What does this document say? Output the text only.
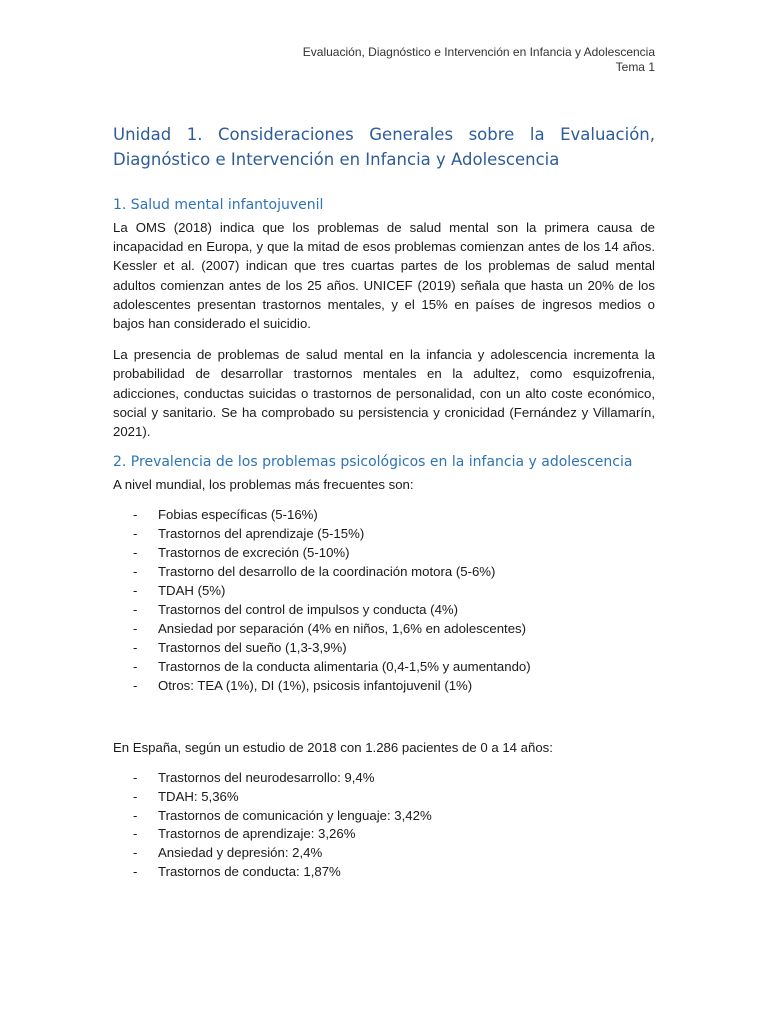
Evaluación, Diagnóstico e Intervención en Infancia y Adolescencia
Tema 1
Unidad 1. Consideraciones Generales sobre la Evaluación, Diagnóstico e Intervención en Infancia y Adolescencia
1. Salud mental infantojuvenil

La OMS (2018) indica que los problemas de salud mental son la primera causa de incapacidad en Europa, y que la mitad de esos problemas comienzan antes de los 14 años. Kessler et al. (2007) indican que tres cuartas partes de los problemas de salud mental adultos comienzan antes de los 25 años. UNICEF (2019) señala que hasta un 20% de los adolescentes presentan trastornos mentales, y el 15% en países de ingresos medios o bajos han considerado el suicidio.

La presencia de problemas de salud mental en la infancia y adolescencia incrementa la probabilidad de desarrollar trastornos mentales en la adultez, como esquizofrenia, adicciones, conductas suicidas o trastornos de personalidad, con un alto coste económico, social y sanitario. Se ha comprobado su persistencia y cronicidad (Fernández y Villamarín, 2021).

2. Prevalencia de los problemas psicológicos en la infancia y adolescencia

A nivel mundial, los problemas más frecuentes son:

- Fobias específicas (5-16%)
- Trastornos del aprendizaje (5-15%)
- Trastornos de excreción (5-10%)
- Trastorno del desarrollo de la coordinación motora (5-6%)
- TDAH (5%)
- Trastornos del control de impulsos y conducta (4%)
- Ansiedad por separación (4% en niños, 1,6% en adolescentes)
- Trastornos del sueño (1,3-3,9%)
- Trastornos de la conducta alimentaria (0,4-1,5% y aumentando)
- Otros: TEA (1%), DI (1%), psicosis infantojuvenil (1%)

En España, según un estudio de 2018 con 1.286 pacientes de 0 a 14 años:

- Trastornos del neurodesarrollo: 9,4%
- TDAH: 5,36%
- Trastornos de comunicación y lenguaje: 3,42%
- Trastornos de aprendizaje: 3,26%
- Ansiedad y depresión: 2,4%
- Trastornos de conducta: 1,87%
